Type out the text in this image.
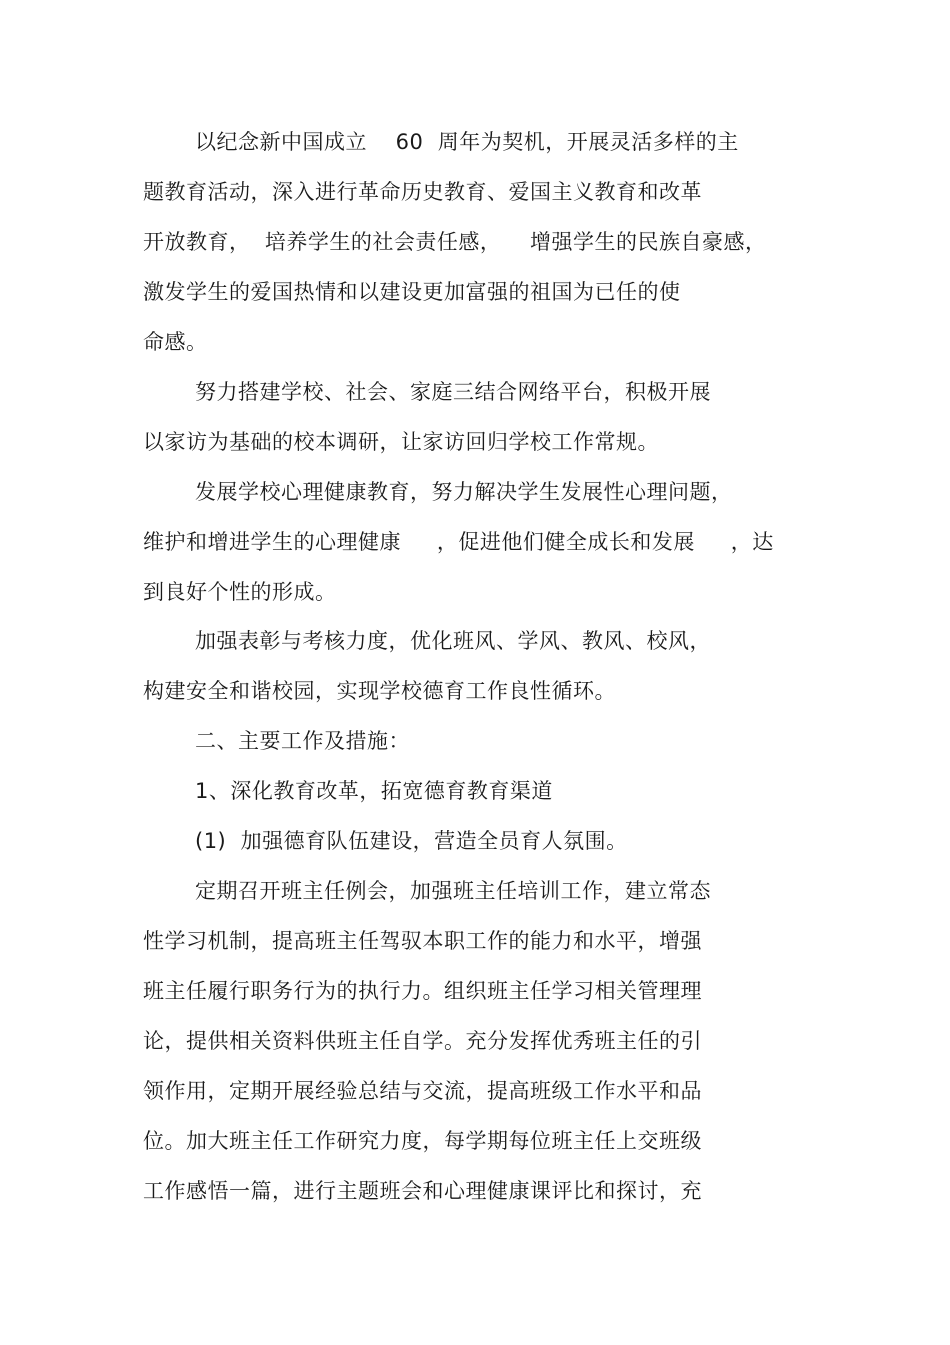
以纪念新中国成立　 60  周年为契机，开展灵活多样的主
题教育活动，深入进行革命历史教育、爱国主义教育和改革
开放教育，  培养学生的社会责任感，    增强学生的民族自豪感，
激发学生的爱国热情和以建设更加富强的祖国为已任的使
命感。
努力搭建学校、社会、家庭三结合网络平台，积极开展
以家访为基础的校本调研，让家访回归学校工作常规。
发展学校心理健康教育，努力解决学生发展性心理问题，
维护和增进学生的心理健康     ，促进他们健全成长和发展     ，达
到良好个性的形成。
加强表彰与考核力度，优化班风、学风、教风、校风，
构建安全和谐校园，实现学校德育工作良性循环。
二、主要工作及措施：
1、深化教育改革，拓宽德育教育渠道
(1)  加强德育队伍建设，营造全员育人氛围。
定期召开班主任例会，加强班主任培训工作，建立常态
性学习机制，提高班主任驾驭本职工作的能力和水平，增强
班主任履行职务行为的执行力。组织班主任学习相关管理理
论，提供相关资料供班主任自学。充分发挥优秀班主任的引
领作用，定期开展经验总结与交流，提高班级工作水平和品
位。加大班主任工作研究力度，每学期每位班主任上交班级
工作感悟一篇，进行主题班会和心理健康课评比和探讨，充
